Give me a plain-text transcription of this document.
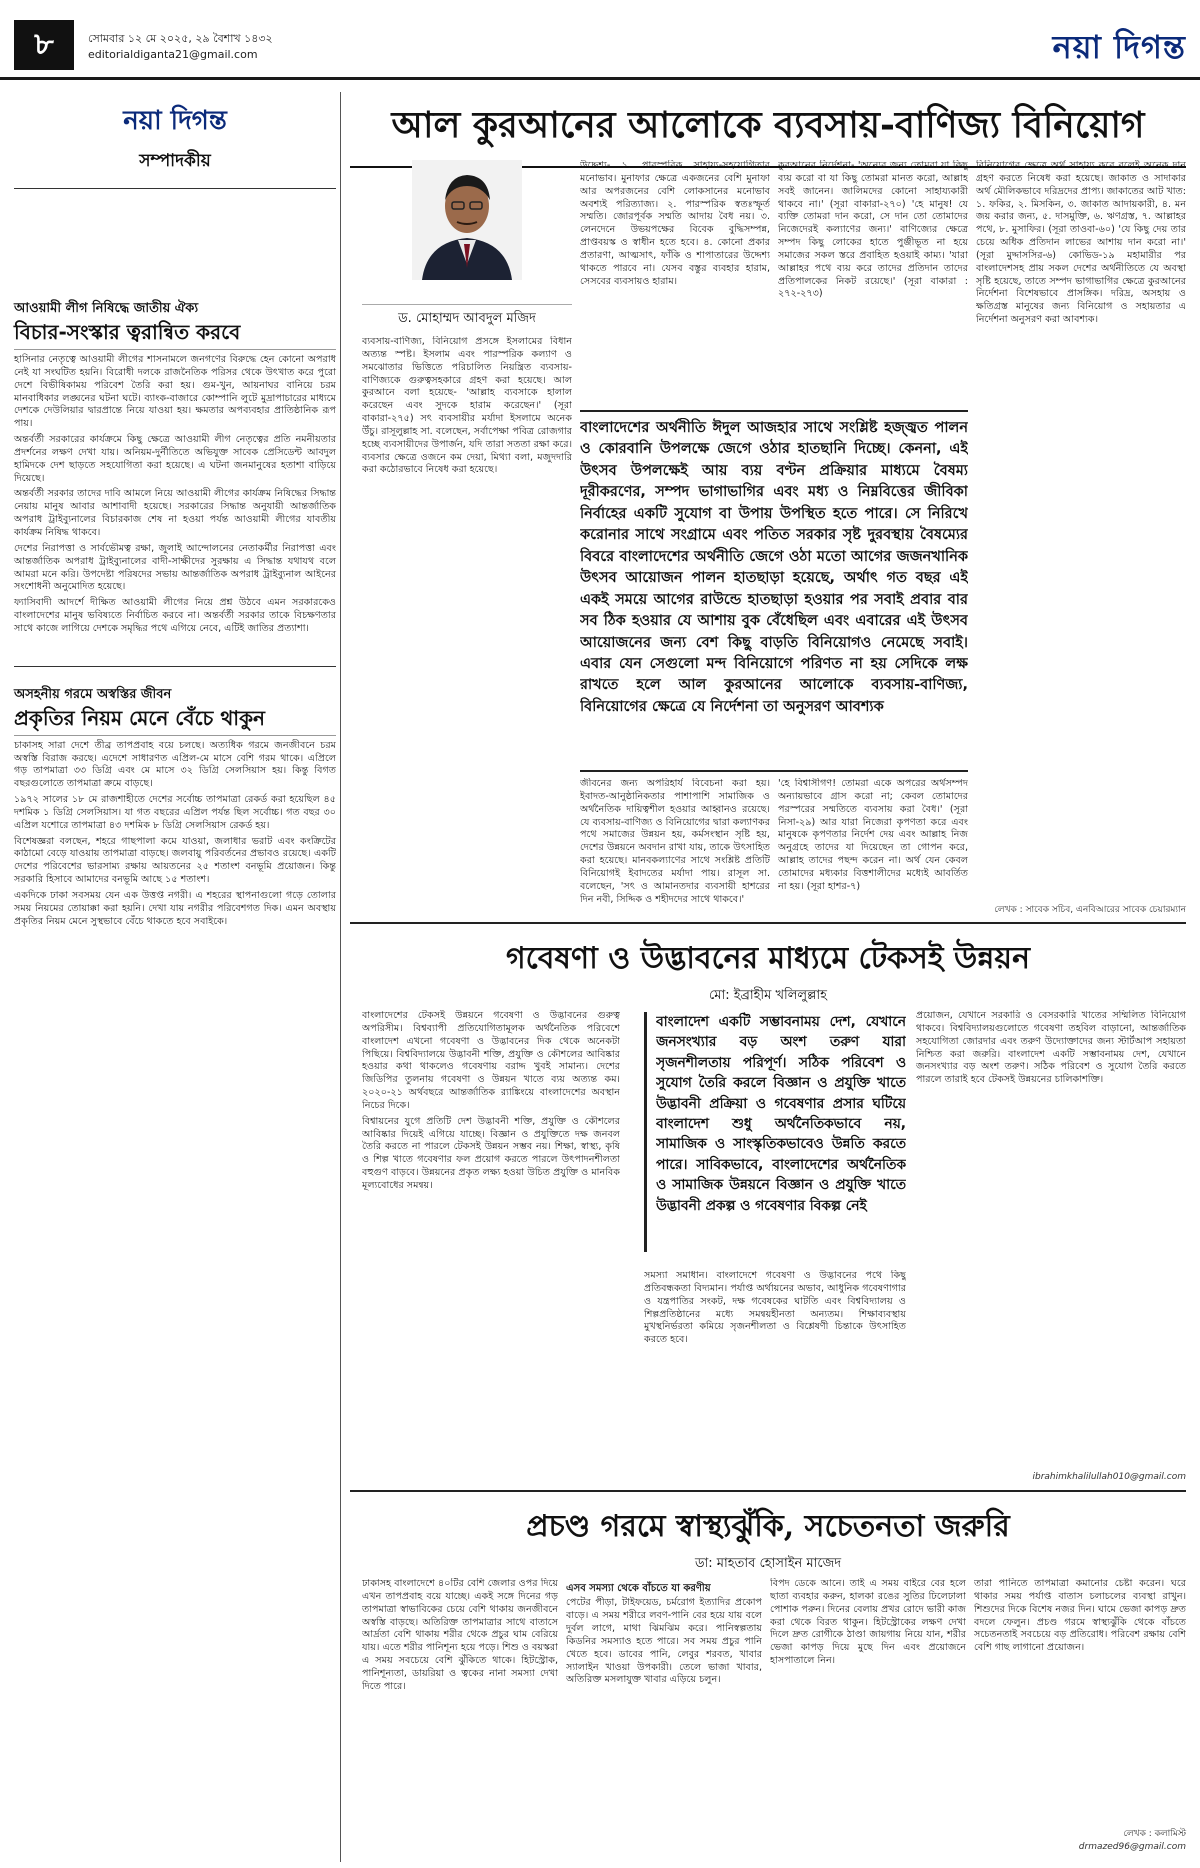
৮	সোমবার ১২ মে ২০২৫, ২৯ বৈশাখ ১৪৩২
editorialdiganta21@gmail.com	নয়া দিগন্ত
নয়া দিগন্ত
সম্পাদকীয়
আওয়ামী লীগ নিষিদ্ধে জাতীয় ঐক্য
বিচার-সংস্কার ত্বরান্বিত করবে

হাসিনার নেতৃত্বে আওয়ামী লীগের শাসনামলে জনগণের বিরুদ্ধে হেন কোনো অপরাধ নেই যা সংঘটিত হয়নি। বিরোধী দলকে রাজনৈতিক পরিসর থেকে উৎখাত করে পুরো দেশে বিভীষিকাময় পরিবেশ তৈরি করা হয়। গুম-খুন, আয়নাঘর বানিয়ে চরম মানবাধিকার লঙ্ঘনের ঘটনা ঘটে। ব্যাংক-বাজারে কোম্পানি লুটে মুদ্রাপাচারের মাধ্যমে দেশকে দেউলিয়ার দ্বারপ্রান্তে নিয়ে যাওয়া হয়। ক্ষমতার অপব্যবহার প্রাতিষ্ঠানিক রূপ পায়।

অন্তর্বর্তী সরকারের কার্যক্রমে কিছু ক্ষেত্রে আওয়ামী লীগ নেতৃত্বের প্রতি নমনীয়তার প্রদর্শনের লক্ষণ দেখা যায়। অনিয়ম-দুর্নীতিতে অভিযুক্ত সাবেক প্রেসিডেন্ট আবদুল হামিদকে দেশ ছাড়তে সহযোগিতা করা হয়েছে। এ ঘটনা জনমানুষের হতাশা বাড়িয়ে দিয়েছে।

অন্তর্বর্তী সরকার তাদের দাবি আমলে নিয়ে আওয়ামী লীগের কার্যক্রম নিষিদ্ধের সিদ্ধান্ত নেয়ায় মানুষ আবার আশাবাদী হয়েছে। সরকারের সিদ্ধান্ত অনুযায়ী আন্তর্জাতিক অপরাধ ট্রাইব্যুনালের বিচারকাজ শেষ না হওয়া পর্যন্ত আওয়ামী লীগের যাবতীয় কার্যক্রম নিষিদ্ধ থাকবে।

দেশের নিরাপত্তা ও সার্বভৌমত্ব রক্ষা, জুলাই আন্দোলনের নেতাকর্মীর নিরাপত্তা এবং আন্তর্জাতিক অপরাধ ট্রাইব্যুনালের বাদী-সাক্ষীদের সুরক্ষায় এ সিদ্ধান্ত যথাযথ বলে আমরা মনে করি। উপদেষ্টা পরিষদের সভায় আন্তর্জাতিক অপরাধ ট্রাইব্যুনাল আইনের সংশোধনী অনুমোদিত হয়েছে।

ফ্যাসিবাদী আদর্শে দীক্ষিত আওয়ামী লীগের নিয়ে প্রশ্ন উঠবে এমন সরকারকেও বাংলাদেশের মানুষ ভবিষ্যতে নির্বাচিত করবে না। অন্তর্বর্তী সরকার তাকে বিচক্ষণতার সাথে কাজে লাগিয়ে দেশকে সমৃদ্ধির পথে এগিয়ে নেবে, এটিই জাতির প্রত্যাশা।

অসহনীয় গরমে অস্বস্তির জীবন
প্রকৃতির নিয়ম মেনে বেঁচে থাকুন

চাকাসহ সারা দেশে তীব্র তাপপ্রবাহ বয়ে চলছে। অত্যধিক গরমে জনজীবনে চরম অস্বস্তি বিরাজ করছে। এদেশে সাধারণত এপ্রিল-মে মাসে বেশি গরম থাকে। এপ্রিলে গড় তাপমাত্রা ৩৩ ডিগ্রি এবং মে মাসে ৩২ ডিগ্রি সেলসিয়াস হয়। কিন্তু বিগত বছরগুলোতে তাপমাত্রা ক্রমে বাড়ছে।

১৯৭২ সালের ১৮ মে রাজশাহীতে দেশের সর্বোচ্চ তাপমাত্রা রেকর্ড করা হয়েছিল ৪৫ দশমিক ১ ডিগ্রি সেলসিয়াস। যা গত বছরের এপ্রিল পর্যন্ত ছিল সর্বোচ্চ। গত বছর ৩০ এপ্রিল যশোরে তাপমাত্রা ৪৩ দশমিক ৮ ডিগ্রি সেলসিয়াস রেকর্ড হয়।

বিশেষজ্ঞরা বলছেন, শহরে গাছপালা কমে যাওয়া, জলাধার ভরাট এবং কংক্রিটের কাঠামো বেড়ে যাওয়ায় তাপমাত্রা বাড়ছে। জলবায়ু পরিবর্তনের প্রভাবও রয়েছে। একটি দেশের পরিবেশের ভারসাম্য রক্ষায় আয়তনের ২৫ শতাংশ বনভূমি প্রয়োজন। কিন্তু সরকারি হিসাবে আমাদের বনভূমি আছে ১৫ শতাংশ।

একদিকে ঢাকা সবসময় যেন এক উত্তপ্ত নগরী। এ শহরের স্থাপনাগুলো গড়ে তোলার সময় নিয়মের তোয়াক্কা করা হয়নি। দেখা যায় নগরীর পরিবেশগত দিক। এমন অবস্থায় প্রকৃতির নিয়ম মেনে সুস্থভাবে বেঁচে থাকতে হবে সবাইকে।

আল কুরআনের আলোকে ব্যবসায়-বাণিজ্য বিনিয়োগ
ড. মোহাম্মদ আবদুল মজিদ

ব্যবসায়-বাণিজ্য, বিনিয়োগ প্রসঙ্গে ইসলামের বিধান অত্যন্ত স্পষ্ট। ইসলাম এবং পারস্পরিক কল্যাণ ও সমঝোতার ভিত্তিতে পরিচালিত নিয়ন্ত্রিত ব্যবসায়-বাণিজ্যকে গুরুত্বসহকারে গ্রহণ করা হয়েছে। আল কুরআনে বলা হয়েছে- 'আল্লাহ ব্যবসাকে হালাল করেছেন এবং সুদকে হারাম করেছেন।' (সূরা বাকারা-২৭৫) সৎ ব্যবসায়ীর মর্যাদা ইসলামে অনেক উঁচু। রাসূলুল্লাহ সা. বলেছেন, সর্বাপেক্ষা পবিত্র রোজগার হচ্ছে ব্যবসায়ীদের উপার্জন, যদি তারা সততা রক্ষা করে। ব্যবসার ক্ষেত্রে ওজনে কম দেয়া, মিথ্যা বলা, মজুদদারি করা কঠোরভাবে নিষেধ করা হয়েছে।

উদ্দেশ্য- ১. পারস্পরিক সাহায্য-সহযোগিতার মনোভাব। মুনাফার ক্ষেত্রে একজনের বেশি মুনাফা আর অপরজনের বেশি লোকসানের মনোভাব অবশ্যই পরিত্যাজ্য। ২. পারস্পরিক স্বতঃস্ফূর্ত সম্মতি। জোরপূর্বক সম্মতি আদায় বৈধ নয়। ৩. লেনদেনে উভয়পক্ষের বিবেক বুদ্ধিসম্পন্ন, প্রাপ্তবয়স্ক ও স্বাধীন হতে হবে। ৪. কোনো প্রকার প্রতারণা, আত্মসাৎ, ফাঁকি ও শাপাতারের উদ্দেশ্য থাকতে পারবে না। যেসব বস্তুর ব্যবহার হারাম, সেসবের ব্যবসায়ও হারাম।

কুরআনের নির্দেশনা- 'অন্যের জন্য তোমরা যা কিছু ব্যয় করো বা যা কিছু তোমরা মানত করো, আল্লাহ সবই জানেন। জালিমদের কোনো সাহায্যকারী থাকবে না।' (সূরা বাকারা-২৭০) 'হে মানুষ! যে ব্যক্তি তোমরা দান করো, সে দান তো তোমাদের নিজেদেরই কল্যাণের জন্য।' বাণিজ্যের ক্ষেত্রে সম্পদ কিছু লোকের হাতে পুঞ্জীভূত না হয়ে সমাজের সকল স্তরে প্রবাহিত হওয়াই কাম্য। 'যারা আল্লাহর পথে ব্যয় করে তাদের প্রতিদান তাদের প্রতিপালকের নিকট রয়েছে।' (সূরা বাকারা : ২৭২-২৭৩)

বিনিয়োগের ক্ষেত্রে অর্থ সাহায্য করে বলেই অনেক দান গ্রহণ করতে নিষেধ করা হয়েছে। জাকাত ও সাদাকার অর্থ মৌলিকভাবে দরিদ্রদের প্রাপ্য। জাকাতের আট খাত: ১. ফকির, ২. মিসকিন, ৩. জাকাত আদায়কারী, ৪. মন জয় করার জন্য, ৫. দাসমুক্তি, ৬. ঋণগ্রস্ত, ৭. আল্লাহর পথে, ৮. মুসাফির। (সূরা তাওবা-৬০) 'যে কিছু দেয় তার চেয়ে অধিক প্রতিদান লাভের আশায় দান করো না।' (সূরা মুদ্দাসসির-৬) কোভিড-১৯ মহামারীর পর বাংলাদেশসহ প্রায় সকল দেশের অর্থনীতিতে যে অবস্থা সৃষ্টি হয়েছে, তাতে সম্পদ ভাগাভাগির ক্ষেত্রে কুরআনের নির্দেশনা বিশেষভাবে প্রাসঙ্গিক। দরিদ্র, অসহায় ও ক্ষতিগ্রস্ত মানুষের জন্য বিনিয়োগ ও সহায়তার এ নির্দেশনা অনুসরণ করা আবশ্যক।

বাংলাদেশের অর্থনীতি ঈদুল আজহার সাথে সংশ্লিষ্ট হজ্জ্বত পালন ও কোরবানি উপলক্ষে জেগে ওঠার হাতছানি দিচ্ছে। কেননা, এই উৎসব উপলক্ষেই আয় ব্যয় বণ্টন প্রক্রিয়ার মাধ্যমে বৈষম্য দূরীকরণের, সম্পদ ভাগাভাগির এবং মধ্য ও নিম্নবিত্তের জীবিকা নির্বাহের একটি সুযোগ বা উপায় উপস্থিত হতে পারে। সে নিরিখে করোনার সাথে সংগ্রামে এবং পতিত সরকার সৃষ্ট দুরবস্থায় বৈষম্যের বিবরে বাংলাদেশের অর্থনীতি জেগে ওঠা মতো আগের জজনখানিক উৎসব আয়োজন পালন হাতছাড়া হয়েছে, অর্থাৎ গত বছর এই একই সময়ে আগের রাউন্ডে হাতছাড়া হওয়ার পর সবাই প্রবার বার সব ঠিক হওয়ার যে আশায় বুক বেঁধেছিল এবং এবারের এই উৎসব আয়োজনের জন্য বেশ কিছু বাড়তি বিনিয়োগও নেমেছে সবাই। এবার যেন সেগুলো মন্দ বিনিয়োগে পরিণত না হয় সেদিকে লক্ষ রাখতে হলে আল কুরআনের আলোকে ব্যবসায়-বাণিজ্য, বিনিয়োগের ক্ষেত্রে যে নির্দেশনা তা অনুসরণ আবশ্যক

জীবনের জন্য অপরিহার্য বিবেচনা করা হয়। ইবাদত-আনুষ্ঠানিকতার পাশাপাশি সামাজিক ও অর্থনৈতিক দায়িত্বশীল হওয়ার আহ্বানও রয়েছে। যে ব্যবসায়-বাণিজ্য ও বিনিয়োগের দ্বারা কল্যাণকর পথে সমাজের উন্নয়ন হয়, কর্মসংস্থান সৃষ্টি হয়, দেশের উন্নয়নে অবদান রাখা যায়, তাকে উৎসাহিত করা হয়েছে। মানবকল্যাণের সাথে সংশ্লিষ্ট প্রতিটি বিনিয়োগই ইবাদতের মর্যাদা পায়। রাসূল সা. বলেছেন, 'সৎ ও আমানতদার ব্যবসায়ী হাশরের দিন নবী, সিদ্দিক ও শহীদদের সাথে থাকবে।'

'হে বিশ্বাসীগণ! তোমরা একে অপরের অর্থসম্পদ অন্যায়ভাবে গ্রাস করো না; কেবল তোমাদের পরস্পরের সম্মতিতে ব্যবসায় করা বৈধ।' (সূরা নিসা-২৯) আর যারা নিজেরা কৃপণতা করে এবং মানুষকে কৃপণতার নির্দেশ দেয় এবং আল্লাহ নিজ অনুগ্রহে তাদের যা দিয়েছেন তা গোপন করে, আল্লাহ তাদের পছন্দ করেন না। অর্থ যেন কেবল তোমাদের মধ্যকার বিত্তশালীদের মধ্যেই আবর্তিত না হয়। (সূরা হাশর-৭)

লেখক : সাবেক সচিব, এনবিআরের সাবেক চেয়ারম্যান
গবেষণা ও উদ্ভাবনের মাধ্যমে টেকসই উন্নয়ন
মো: ইব্রাহীম খলিলুল্লাহ

বাংলাদেশের টেকসই উন্নয়নে গবেষণা ও উদ্ভাবনের গুরুত্ব অপরিসীম। বিশ্বব্যাপী প্রতিযোগিতামূলক অর্থনৈতিক পরিবেশে বাংলাদেশ এখনো গবেষণা ও উদ্ভাবনের দিক থেকে অনেকটা পিছিয়ে। বিশ্ববিদ্যালয়ে উদ্ভাবনী শক্তি, প্রযুক্তি ও কৌশলের আবিষ্কার হওয়ার কথা থাকলেও গবেষণায় বরাদ্দ খুবই সামান্য। দেশের জিডিপির তুলনায় গবেষণা ও উন্নয়ন খাতে ব্যয় অত্যন্ত কম। ২০২০-২১ অর্থবছরে আন্তর্জাতিক র‍্যাঙ্কিংয়ে বাংলাদেশের অবস্থান নিচের দিকে।

বিশ্বায়নের যুগে প্রতিটি দেশ উদ্ভাবনী শক্তি, প্রযুক্তি ও কৌশলের আবিষ্কার দিয়েই এগিয়ে যাচ্ছে। বিজ্ঞান ও প্রযুক্তিতে দক্ষ জনবল তৈরি করতে না পারলে টেকসই উন্নয়ন সম্ভব নয়। শিক্ষা, স্বাস্থ্য, কৃষি ও শিল্প খাতে গবেষণার ফল প্রয়োগ করতে পারলে উৎপাদনশীলতা বহুগুণ বাড়বে। উন্নয়নের প্রকৃত লক্ষ্য হওয়া উচিত প্রযুক্তি ও মানবিক মূল্যবোধের সমন্বয়।

বাংলাদেশ একটি সম্ভাবনাময় দেশ, যেখানে জনসংখ্যার বড় অংশ তরুণ যারা সৃজনশীলতায় পরিপূর্ণ। সঠিক পরিবেশ ও সুযোগ তৈরি করলে বিজ্ঞান ও প্রযুক্তি খাতে উদ্ভাবনী প্রক্রিয়া ও গবেষণার প্রসার ঘটিয়ে বাংলাদেশ শুধু অর্থনৈতিকভাবে নয়, সামাজিক ও সাংস্কৃতিকভাবেও উন্নতি করতে পারে। সাবিকভাবে, বাংলাদেশের অর্থনৈতিক ও সামাজিক উন্নয়নে বিজ্ঞান ও প্রযুক্তি খাতে উদ্ভাবনী প্রকল্প ও গবেষণার বিকল্প নেই

সমস্যা সমাধান। বাংলাদেশে গবেষণা ও উদ্ভাবনের পথে কিছু প্রতিবন্ধকতা বিদ্যমান। পর্যাপ্ত অর্থায়নের অভাব, আধুনিক গবেষণাগার ও যন্ত্রপাতির সংকট, দক্ষ গবেষকের ঘাটতি এবং বিশ্ববিদ্যালয় ও শিল্পপ্রতিষ্ঠানের মধ্যে সমন্বয়হীনতা অন্যতম। শিক্ষাব্যবস্থায় মুখস্থনির্ভরতা কমিয়ে সৃজনশীলতা ও বিশ্লেষণী চিন্তাকে উৎসাহিত করতে হবে।

প্রয়োজন, যেখানে সরকারি ও বেসরকারি খাতের সম্মিলিত বিনিয়োগ থাকবে। বিশ্ববিদ্যালয়গুলোতে গবেষণা তহবিল বাড়ানো, আন্তর্জাতিক সহযোগিতা জোরদার এবং তরুণ উদ্যোক্তাদের জন্য স্টার্টআপ সহায়তা নিশ্চিত করা জরুরি। বাংলাদেশ একটি সম্ভাবনাময় দেশ, যেখানে জনসংখ্যার বড় অংশ তরুণ। সঠিক পরিবেশ ও সুযোগ তৈরি করতে পারলে তারাই হবে টেকসই উন্নয়নের চালিকাশক্তি।

ibrahimkhalilullah010@gmail.com
প্রচণ্ড গরমে স্বাস্থ্যঝুঁকি, সচেতনতা জরুরি
ডা: মাহতাব হোসাইন মাজেদ

ঢাকাসহ বাংলাদেশে ৪০টির বেশি জেলার ওপর দিয়ে এখন তাপপ্রবাহ বয়ে যাচ্ছে। একই সঙ্গে দিনের গড় তাপমাত্রা স্বাভাবিকের চেয়ে বেশি থাকায় জনজীবনে অস্বস্তি বাড়ছে। অতিরিক্ত তাপমাত্রার সাথে বাতাসে আর্দ্রতা বেশি থাকায় শরীর থেকে প্রচুর ঘাম বেরিয়ে যায়। এতে শরীর পানিশূন্য হয়ে পড়ে। শিশু ও বয়স্করা এ সময় সবচেয়ে বেশি ঝুঁকিতে থাকে। হিটস্ট্রোক, পানিশূন্যতা, ডায়রিয়া ও ত্বকের নানা সমস্যা দেখা দিতে পারে।

এসব সমস্যা থেকে বাঁচতে যা করণীয়

পেটের পীড়া, টাইফয়েড, চর্মরোগ ইত্যাদির প্রকোপ বাড়ে। এ সময় শরীরে লবণ-পানি বের হয়ে যায় বলে দুর্বল লাগে, মাথা ঝিমঝিম করে। পানিস্বল্পতায় কিডনির সমস্যাও হতে পারে। সব সময় প্রচুর পানি খেতে হবে। ডাবের পানি, লেবুর শরবত, খাবার স্যালাইন খাওয়া উপকারী। তেলে ভাজা খাবার, অতিরিক্ত মসলাযুক্ত খাবার এড়িয়ে চলুন।

বিপদ ডেকে আনে। তাই এ সময় বাইরে বের হলে ছাতা ব্যবহার করুন, হালকা রঙের সুতির ঢিলেঢালা পোশাক পরুন। দিনের বেলায় প্রখর রোদে ভারী কাজ করা থেকে বিরত থাকুন। হিটস্ট্রোকের লক্ষণ দেখা দিলে দ্রুত রোগীকে ঠাণ্ডা জায়গায় নিয়ে যান, শরীর ভেজা কাপড় দিয়ে মুছে দিন এবং প্রয়োজনে হাসপাতালে নিন।

তারা পানিতে তাপমাত্রা কমানোর চেষ্টা করেন। ঘরে থাকার সময় পর্যাপ্ত বাতাস চলাচলের ব্যবস্থা রাখুন। শিশুদের দিকে বিশেষ নজর দিন। ঘামে ভেজা কাপড় দ্রুত বদলে ফেলুন। প্রচণ্ড গরমে স্বাস্থ্যঝুঁকি থেকে বাঁচতে সচেতনতাই সবচেয়ে বড় প্রতিরোধ। পরিবেশ রক্ষায় বেশি বেশি গাছ লাগানো প্রয়োজন।

লেখক : কলামিস্ট
drmazed96@gmail.com
